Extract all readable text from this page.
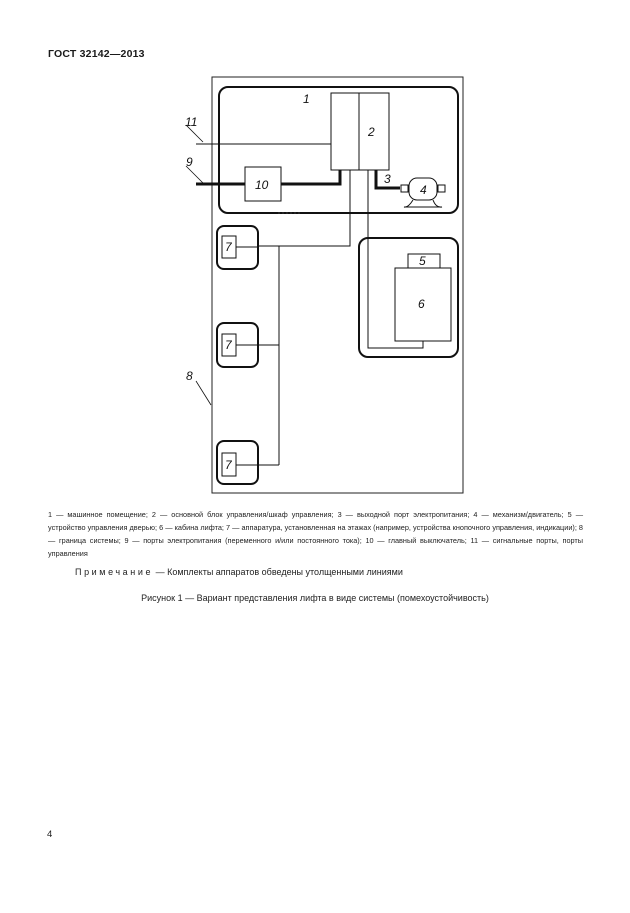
ГОСТ 32142—2013
1
2
3
4
5
6
7
7
7
8
9
10
11
1 — машинное помещение; 2 — основной блок управления/шкаф управления; 3 — выходной порт электропитания; 4 — механизм/двигатель; 5 — устройство управления дверью; 6 — кабина лифта; 7 — аппаратура, установленная на этажах (например, устройства кнопочного управления, индикации); 8 — граница системы; 9 — порты электропитания (переменного и/или постоянного тока); 10 — главный выключатель; 11 — сигнальные порты, порты управления
Примечание — Комплекты аппаратов обведены утолщенными линиями
Рисунок 1 — Вариант представления лифта в виде системы (помехоустойчивость)
4
